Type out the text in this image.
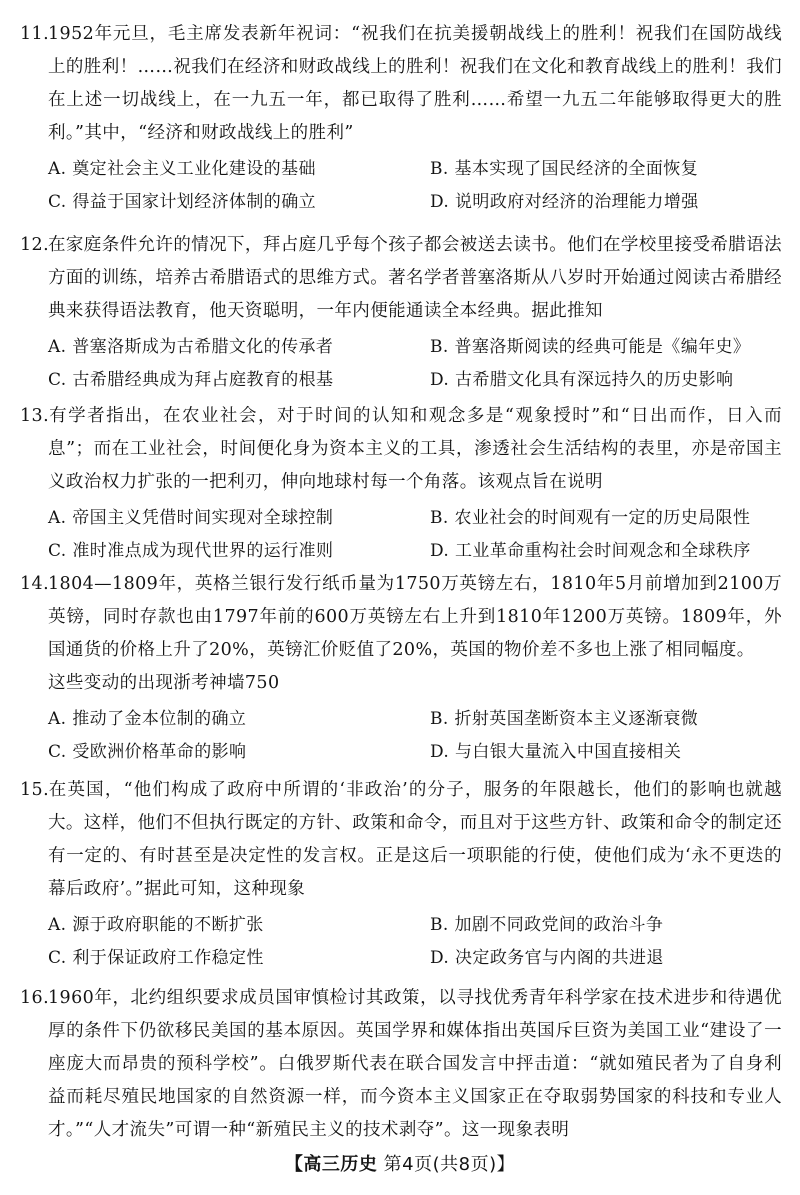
11.1952年元旦，毛主席发表新年祝词：“祝我们在抗美援朝战线上的胜利！祝我们在国防战线上的胜利！……祝我们在经济和财政战线上的胜利！祝我们在文化和教育战线上的胜利！我们在上述一切战线上，在一九五一年，都已取得了胜利……希望一九五二年能够取得更大的胜利。”其中，“经济和财政战线上的胜利”

A. 奠定社会主义工业化建设的基础	B. 基本实现了国民经济的全面恢复
C. 得益于国家计划经济体制的确立	D. 说明政府对经济的治理能力增强

12.在家庭条件允许的情况下，拜占庭几乎每个孩子都会被送去读书。他们在学校里接受希腊语法方面的训练，培养古希腊语式的思维方式。著名学者普塞洛斯从八岁时开始通过阅读古希腊经典来获得语法教育，他天资聪明，一年内便能通读全本经典。据此推知

A. 普塞洛斯成为古希腊文化的传承者	B. 普塞洛斯阅读的经典可能是《编年史》
C. 古希腊经典成为拜占庭教育的根基	D. 古希腊文化具有深远持久的历史影响

13.有学者指出，在农业社会，对于时间的认知和观念多是“观象授时”和“日出而作，日入而息”；而在工业社会，时间便化身为资本主义的工具，渗透社会生活结构的表里，亦是帝国主义政治权力扩张的一把利刃，伸向地球村每一个角落。该观点旨在说明

A. 帝国主义凭借时间实现对全球控制	B. 农业社会的时间观有一定的历史局限性
C. 准时准点成为现代世界的运行准则	D. 工业革命重构社会时间观念和全球秩序

14.1804—1809年，英格兰银行发行纸币量为1750万英镑左右，1810年5月前增加到2100万英镑，同时存款也由1797年前的600万英镑左右上升到1810年1200万英镑。1809年，外国通货的价格上升了20%，英镑汇价贬值了20%，英国的物价差不多也上涨了相同幅度。

这些变动的出现浙考神墙750

A. 推动了金本位制的确立	B. 折射英国垄断资本主义逐渐衰微
C. 受欧洲价格革命的影响	D. 与白银大量流入中国直接相关

15.在英国，“他们构成了政府中所谓的‘非政治’的分子，服务的年限越长，他们的影响也就越大。这样，他们不但执行既定的方针、政策和命令，而且对于这些方针、政策和命令的制定还有一定的、有时甚至是决定性的发言权。正是这后一项职能的行使，使他们成为‘永不更迭的幕后政府’。”据此可知，这种现象

A. 源于政府职能的不断扩张	B. 加剧不同政党间的政治斗争
C. 利于保证政府工作稳定性	D. 决定政务官与内阁的共进退

16.1960年，北约组织要求成员国审慎检讨其政策，以寻找优秀青年科学家在技术进步和待遇优厚的条件下仍欲移民美国的基本原因。英国学界和媒体指出英国斥巨资为美国工业“建设了一座庞大而昂贵的预科学校”。白俄罗斯代表在联合国发言中抨击道：“就如殖民者为了自身利益而耗尽殖民地国家的自然资源一样，而今资本主义国家正在夺取弱势国家的科技和专业人才。”“人才流失”可谓一种“新殖民主义的技术剥夺”。这一现象表明

【高三历史 第4页(共8页)】
